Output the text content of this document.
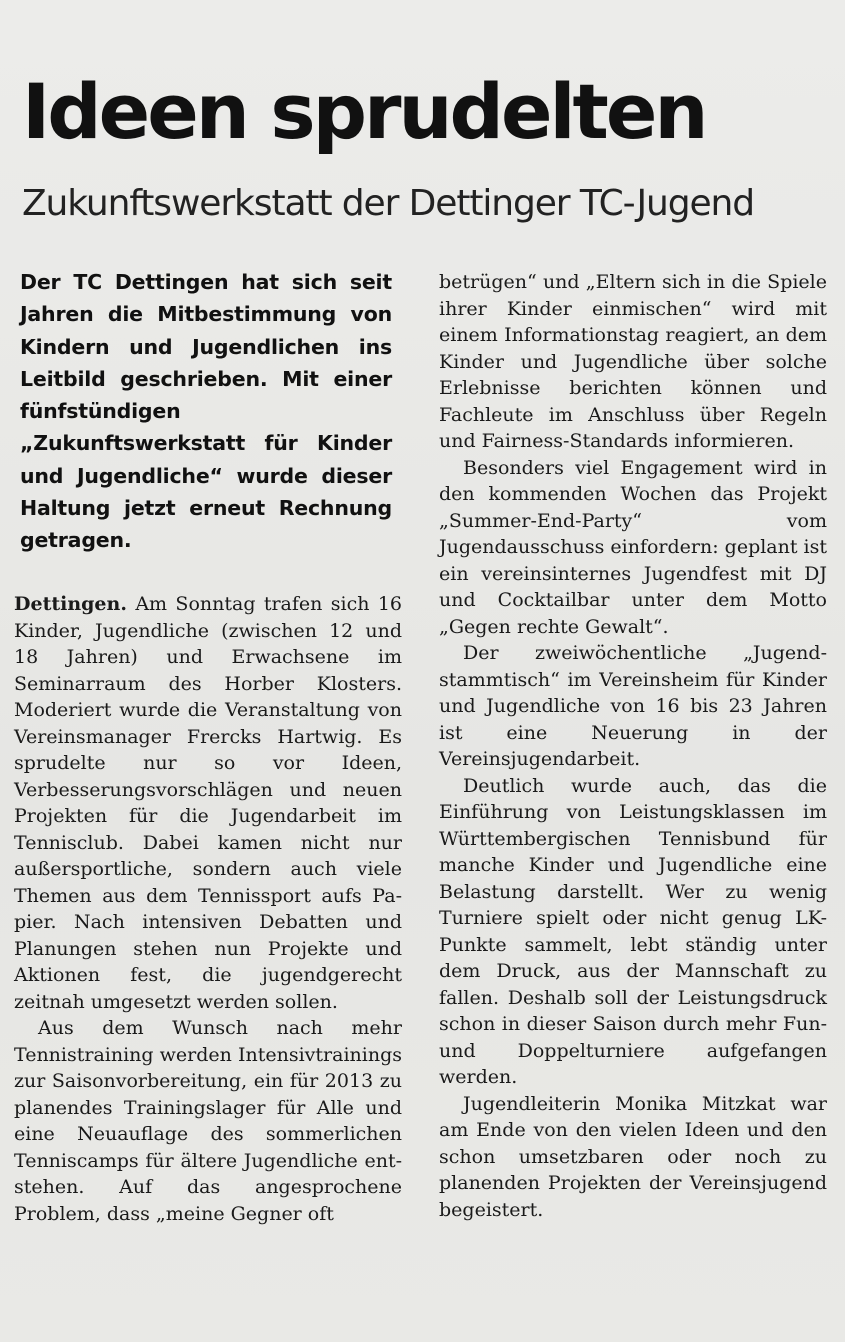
Ideen sprudelten
Zukunftswerkstatt der Dettinger TC-Jugend

Der TC Dettingen hat sich seit Jahren die Mitbestimmung von Kindern und Jugendlichen ins Leitbild geschrieben. Mit einer fünfstündigen „Zukunftswerkstatt für Kinder und Jugendliche“ wurde dieser Haltung jetzt erneut Rechnung getragen.

Dettingen. Am Sonntag trafen sich 16 Kinder, Jugendliche (zwischen 12 und 18 Jahren) und Erwachsene im Seminarraum des Horber Klosters. Moderiert wurde die Veranstaltung von Vereinsmanager Frercks Hartwig. Es sprudelte nur so vor Ideen, Verbesserungsvorschlägen und neuen Projekten für die Jugendarbeit im Tennisclub. Dabei kamen nicht nur außersportliche, sondern auch viele Themen aus dem Tennissport aufs Papier. Nach intensiven Debatten und Planungen stehen nun Projekte und Aktionen fest, die jugendgerecht zeitnah umgesetzt werden sollen.

Aus dem Wunsch nach mehr Tennistraining werden Intensivtrainings zur Saisonvorbereitung, ein für 2013 zu planendes Trainingslager für Alle und eine Neuauflage des sommerlichen Tenniscamps für ältere Jugendliche entstehen. Auf das angesprochene Problem, dass „meine Gegner oft

betrügen“ und „Eltern sich in die Spiele ihrer Kinder einmischen“ wird mit einem Informationstag reagiert, an dem Kinder und Jugendliche über solche Erlebnisse berichten können und Fachleute im Anschluss über Regeln und Fairness-Standards informieren.

Besonders viel Engagement wird in den kommenden Wochen das Projekt „Summer-End-Party“ vom Jugendausschuss einfordern: geplant ist ein vereinsinternes Jugendfest mit DJ und Cocktailbar unter dem Motto „Gegen rechte Gewalt“.

Der zweiwöchentliche „Jugendstammtisch“ im Vereinsheim für Kinder und Jugendliche von 16 bis 23 Jahren ist eine Neuerung in der Vereinsjugendarbeit.

Deutlich wurde auch, das die Einführung von Leistungsklassen im Württembergischen Tennisbund für manche Kinder und Jugendliche eine Belastung darstellt. Wer zu wenig Turniere spielt oder nicht genug LK-Punkte sammelt, lebt ständig unter dem Druck, aus der Mannschaft zu fallen. Deshalb soll der Leistungsdruck schon in dieser Saison durch mehr Fun- und Doppelturniere aufgefangen werden.

Jugendleiterin Monika Mitzkat war am Ende von den vielen Ideen und den schon umsetzbaren oder noch zu planenden Projekten der Vereinsjugend begeistert.
